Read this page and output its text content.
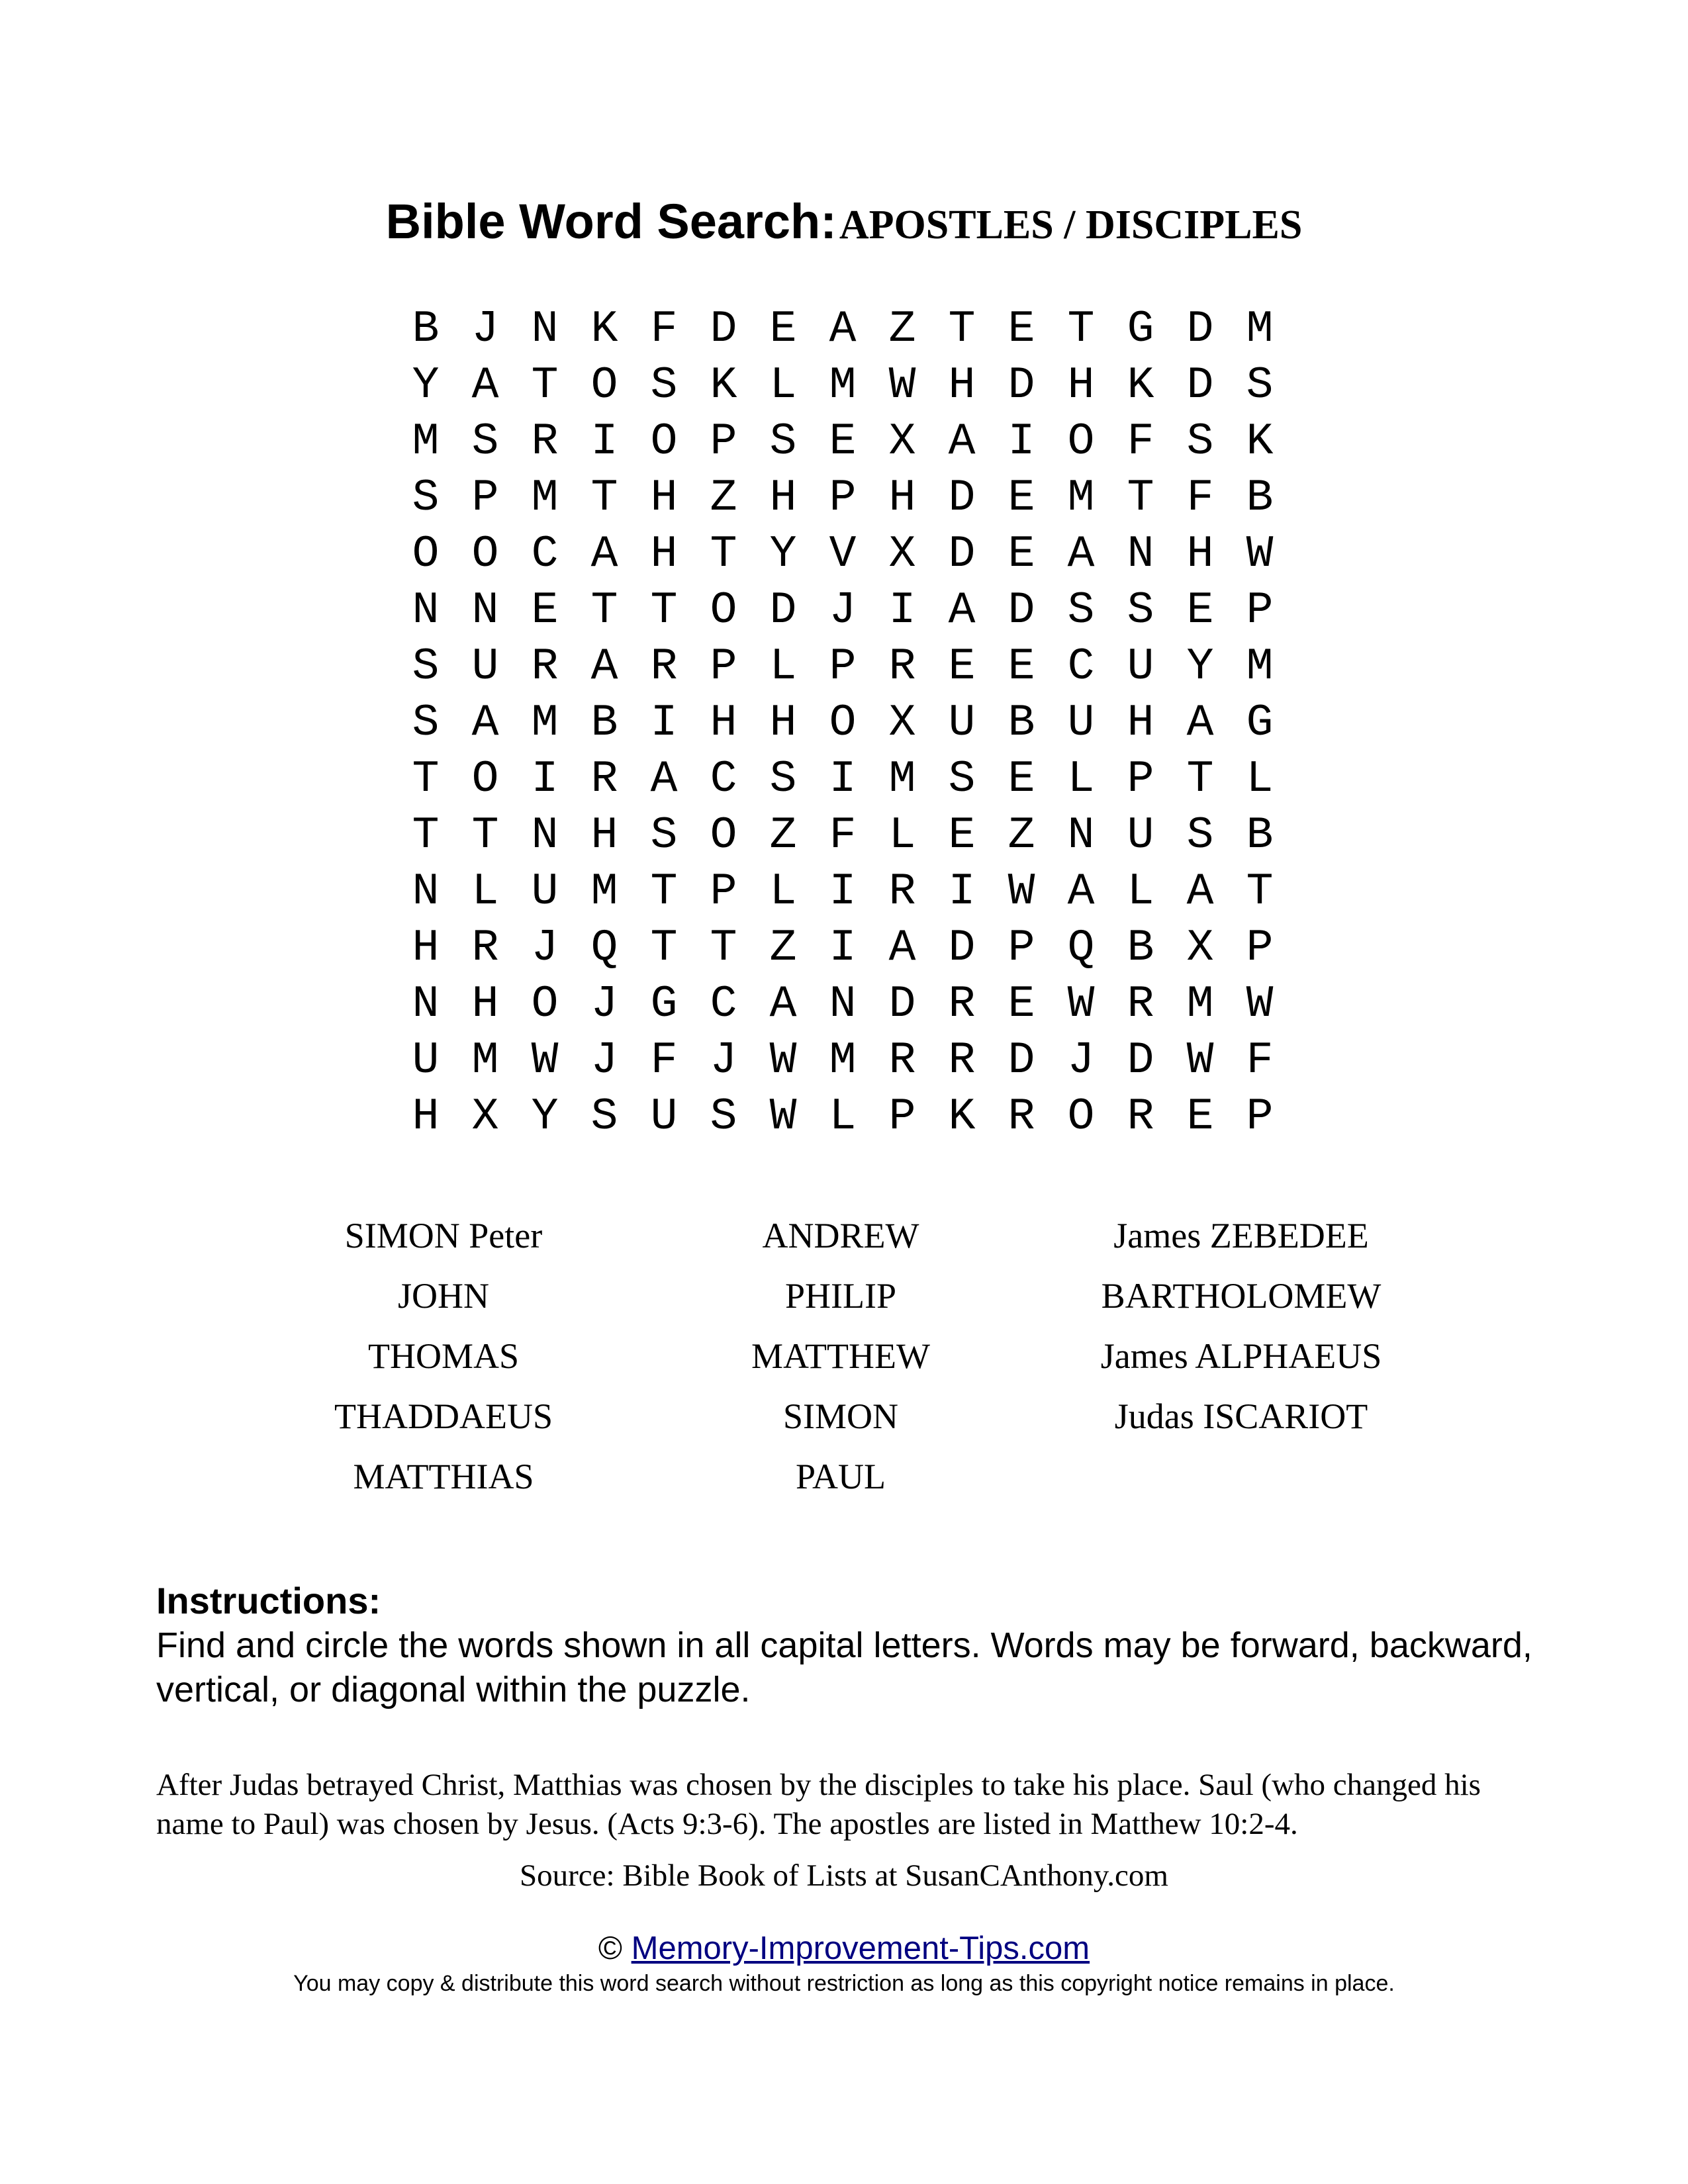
Bible Word Search: APOSTLES / DISCIPLES
B J N K F D E A Z T E T G D M
Y A T O S K L M W H D H K D S
M S R I O P S E X A I O F S K
S P M T H Z H P H D E M T F B
O O C A H T Y V X D E A N H W
N N E T T O D J I A D S S E P
S U R A R P L P R E E C U Y M
S A M B I H H O X U B U H A G
T O I R A C S I M S E L P T L
T T N H S O Z F L E Z N U S B
N L U M T P L I R I W A L A T
H R J Q T T Z I A D P Q B X P
N H O J G C A N D R E W R M W
U M W J F J W M R R D J D W F
H X Y S U S W L P K R O R E P
SIMON Peter
JOHN
THOMAS
THADDAEUS
MATTHIAS
ANDREW
PHILIP
MATTHEW
SIMON
PAUL
James ZEBEDEE
BARTHOLOMEW
James ALPHAEUS
Judas ISCARIOT
Instructions:
Find and circle the words shown in all capital letters. Words may be forward, backward, vertical, or diagonal within the puzzle.
After Judas betrayed Christ, Matthias was chosen by the disciples to take his place. Saul (who changed his name to Paul) was chosen by Jesus. (Acts 9:3-6). The apostles are listed in Matthew 10:2-4.
Source: Bible Book of Lists at SusanCAnthony.com
© Memory-Improvement-Tips.com
You may copy & distribute this word search without restriction as long as this copyright notice remains in place.
